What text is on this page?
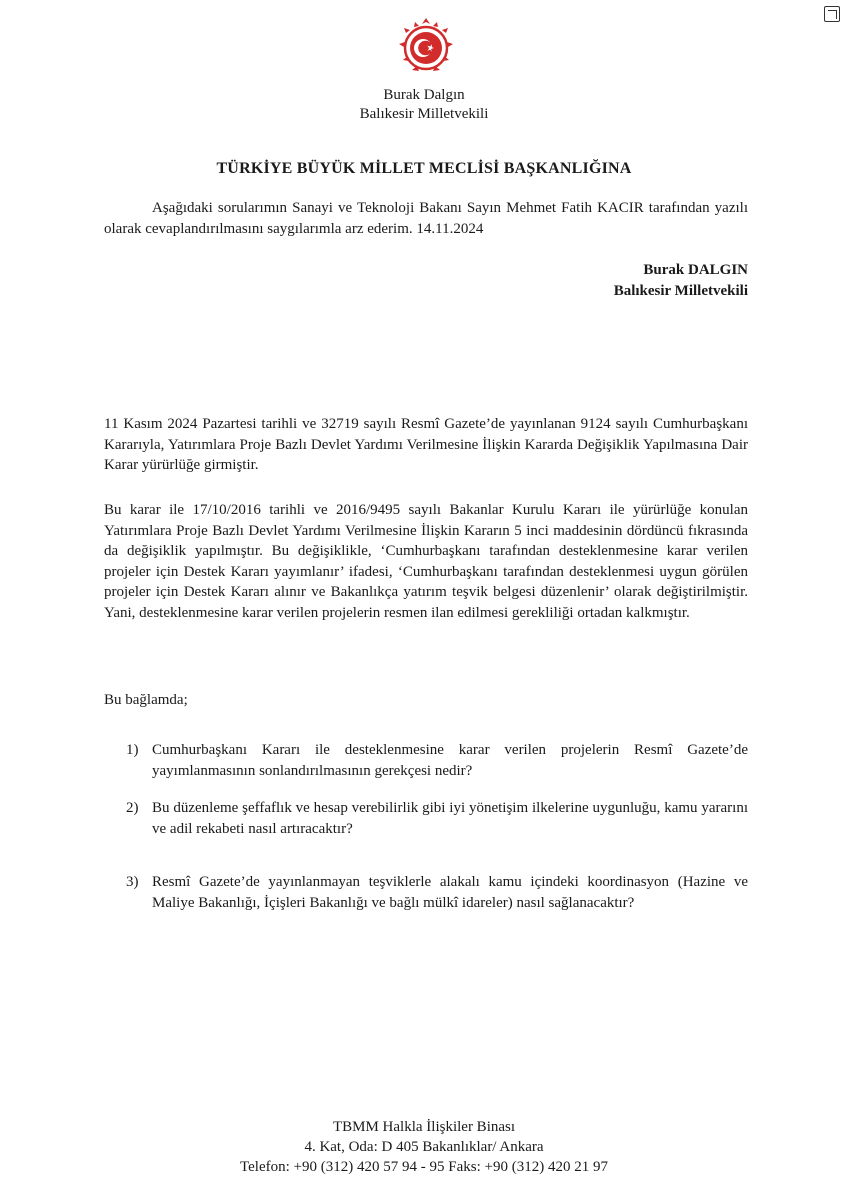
Burak Dalgın
Balıkesir Milletvekili
TÜRKİYE BÜYÜK MİLLET MECLİSİ BAŞKANLIĞINA
Aşağıdaki sorularımın Sanayi ve Teknoloji Bakanı Sayın Mehmet Fatih KACIR tarafından yazılı olarak cevaplandırılmasını saygılarımla arz ederim. 14.11.2024
Burak DALGIN
Balıkesir Milletvekili
11 Kasım 2024 Pazartesi tarihli ve 32719 sayılı Resmî Gazete’de yayınlanan 9124 sayılı Cumhurbaşkanı Kararıyla, Yatırımlara Proje Bazlı Devlet Yardımı Verilmesine İlişkin Kararda Değişiklik Yapılmasına Dair Karar yürürlüğe girmiştir.
Bu karar ile 17/10/2016 tarihli ve 2016/9495 sayılı Bakanlar Kurulu Kararı ile yürürlüğe konulan Yatırımlara Proje Bazlı Devlet Yardımı Verilmesine İlişkin Kararın 5 inci maddesinin dördüncü fıkrasında da değişiklik yapılmıştır. Bu değişiklikle, ‘Cumhurbaşkanı tarafından desteklenmesine karar verilen projeler için Destek Kararı yayımlanır’ ifadesi, ‘Cumhurbaşkanı tarafından desteklenmesi uygun görülen projeler için Destek Kararı alınır ve Bakanlıkça yatırım teşvik belgesi düzenlenir’ olarak değiştirilmiştir. Yani, desteklenmesine karar verilen projelerin resmen ilan edilmesi gerekliliği ortadan kalkmıştır.
Bu bağlamda;
1) Cumhurbaşkanı Kararı ile desteklenmesine karar verilen projelerin Resmî Gazete’de yayımlanmasının sonlandırılmasının gerekçesi nedir?
2) Bu düzenleme şeffaflık ve hesap verebilirlik gibi iyi yönetişim ilkelerine uygunluğu, kamu yararını ve adil rekabeti nasıl artıracaktır?
3) Resmî Gazete’de yayınlanmayan teşviklerle alakalı kamu içindeki koordinasyon (Hazine ve Maliye Bakanlığı, İçişleri Bakanlığı ve bağlı mülkî idareler) nasıl sağlanacaktır?
TBMM Halkla İlişkiler Binası
4. Kat, Oda: D 405 Bakanlıklar/ Ankara
Telefon: +90 (312) 420 57 94 - 95 Faks: +90 (312) 420 21 97
